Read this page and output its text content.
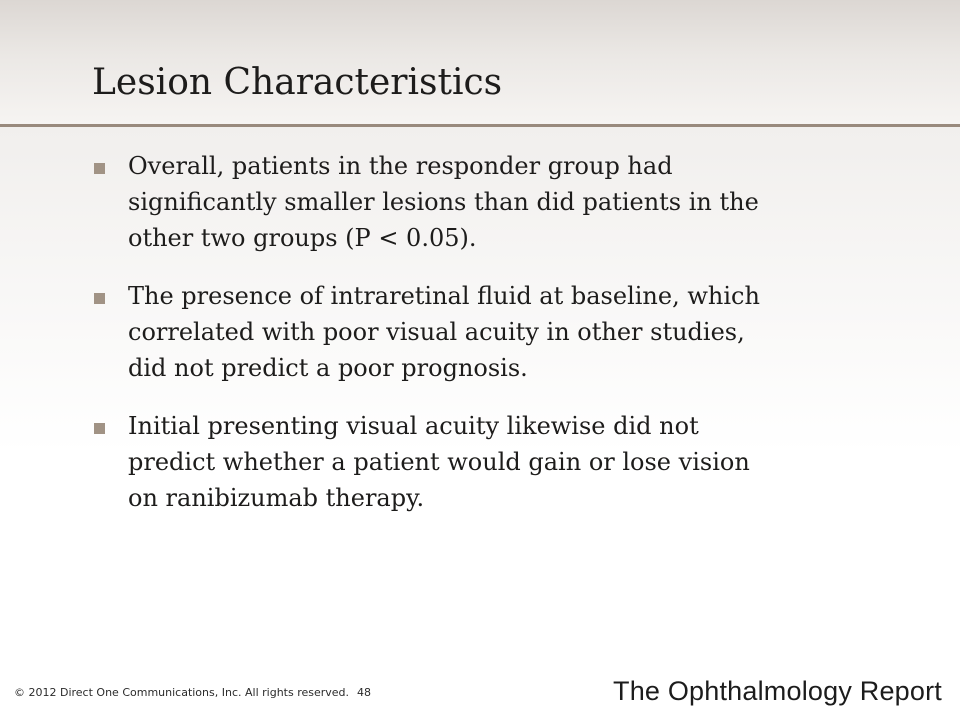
Lesion Characteristics
Overall, patients in the responder group had
significantly smaller lesions than did patients in the
other two groups (P < 0.05).
The presence of intraretinal fluid at baseline, which
correlated with poor visual acuity in other studies,
did not predict a poor prognosis.
Initial presenting visual acuity likewise did not
predict whether a patient would gain or lose vision
on ranibizumab therapy.
© 2012 Direct One Communications, Inc. All rights reserved. 48	The Ophthalmology Report
